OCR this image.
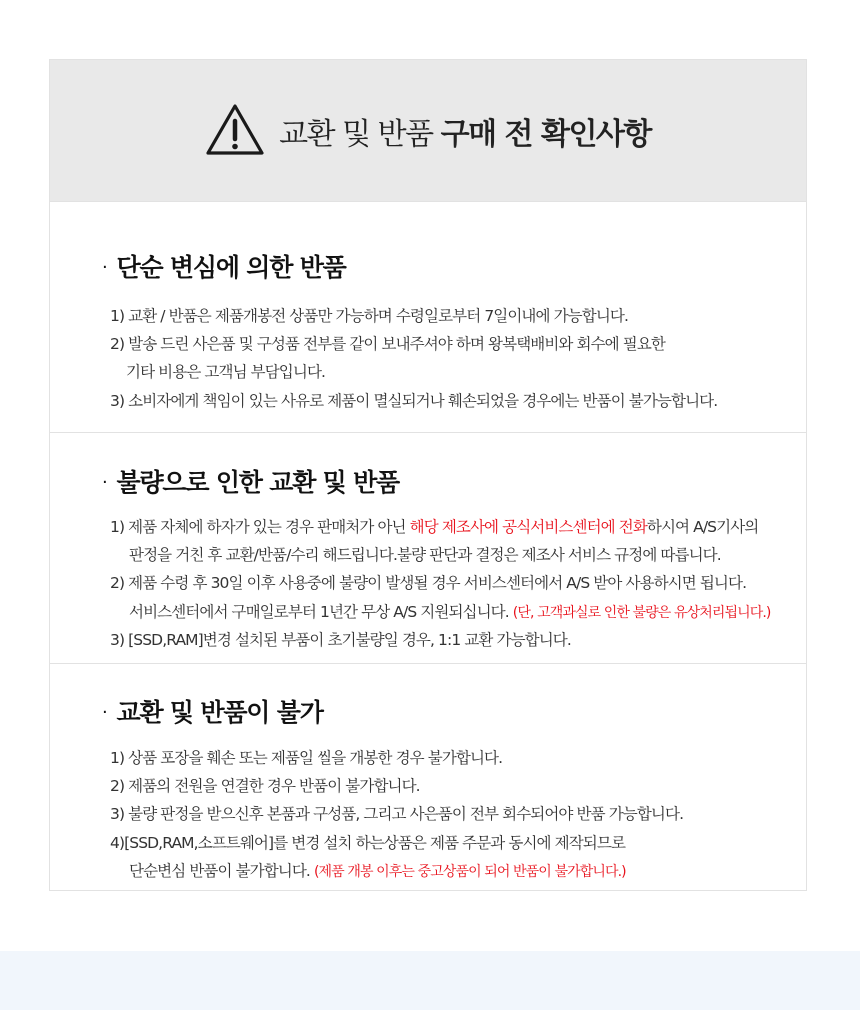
교환 및 반품 구매 전 확인사항
· 단순 변심에 의한 반품
1) 교환 / 반품은 제품개봉전 상품만 가능하며 수령일로부터 7일이내에 가능합니다.
2) 발송 드린 사은품 및 구성품 전부를 같이 보내주셔야 하며 왕복택배비와 회수에 필요한
기타 비용은 고객님 부담입니다.
3) 소비자에게 책임이 있는 사유로 제품이 멸실되거나 훼손되었을 경우에는 반품이 불가능합니다.
· 불량으로 인한 교환 및 반품
1) 제품 자체에 하자가 있는 경우 판매처가 아닌 해당 제조사에 공식서비스센터에 전화하시여 A/S기사의
판정을 거친 후 교환/반품/수리 해드립니다.불량 판단과 결정은 제조사 서비스 규정에 따릅니다.
2) 제품 수령 후 30일 이후 사용중에 불량이 발생될 경우 서비스센터에서 A/S 받아 사용하시면 됩니다.
서비스센터에서 구매일로부터 1년간 무상 A/S 지원되십니다. (단, 고객과실로 인한 불량은 유상처리됩니다.)
3) [SSD,RAM]변경 설치된 부품이 초기불량일 경우, 1:1 교환 가능합니다.
· 교환 및 반품이 불가
1) 상품 포장을 훼손 또는 제품일 씰을 개봉한 경우 불가합니다.
2) 제품의 전원을 연결한 경우 반품이 불가합니다.
3) 불량 판정을 받으신후 본품과 구성품, 그리고 사은품이 전부 회수되어야 반품 가능합니다.
4)[SSD,RAM,소프트웨어]를 변경 설치 하는상품은 제품 주문과 동시에 제작되므로
단순변심 반품이 불가합니다. (제품 개봉 이후는 중고상품이 되어 반품이 불가합니다.)
